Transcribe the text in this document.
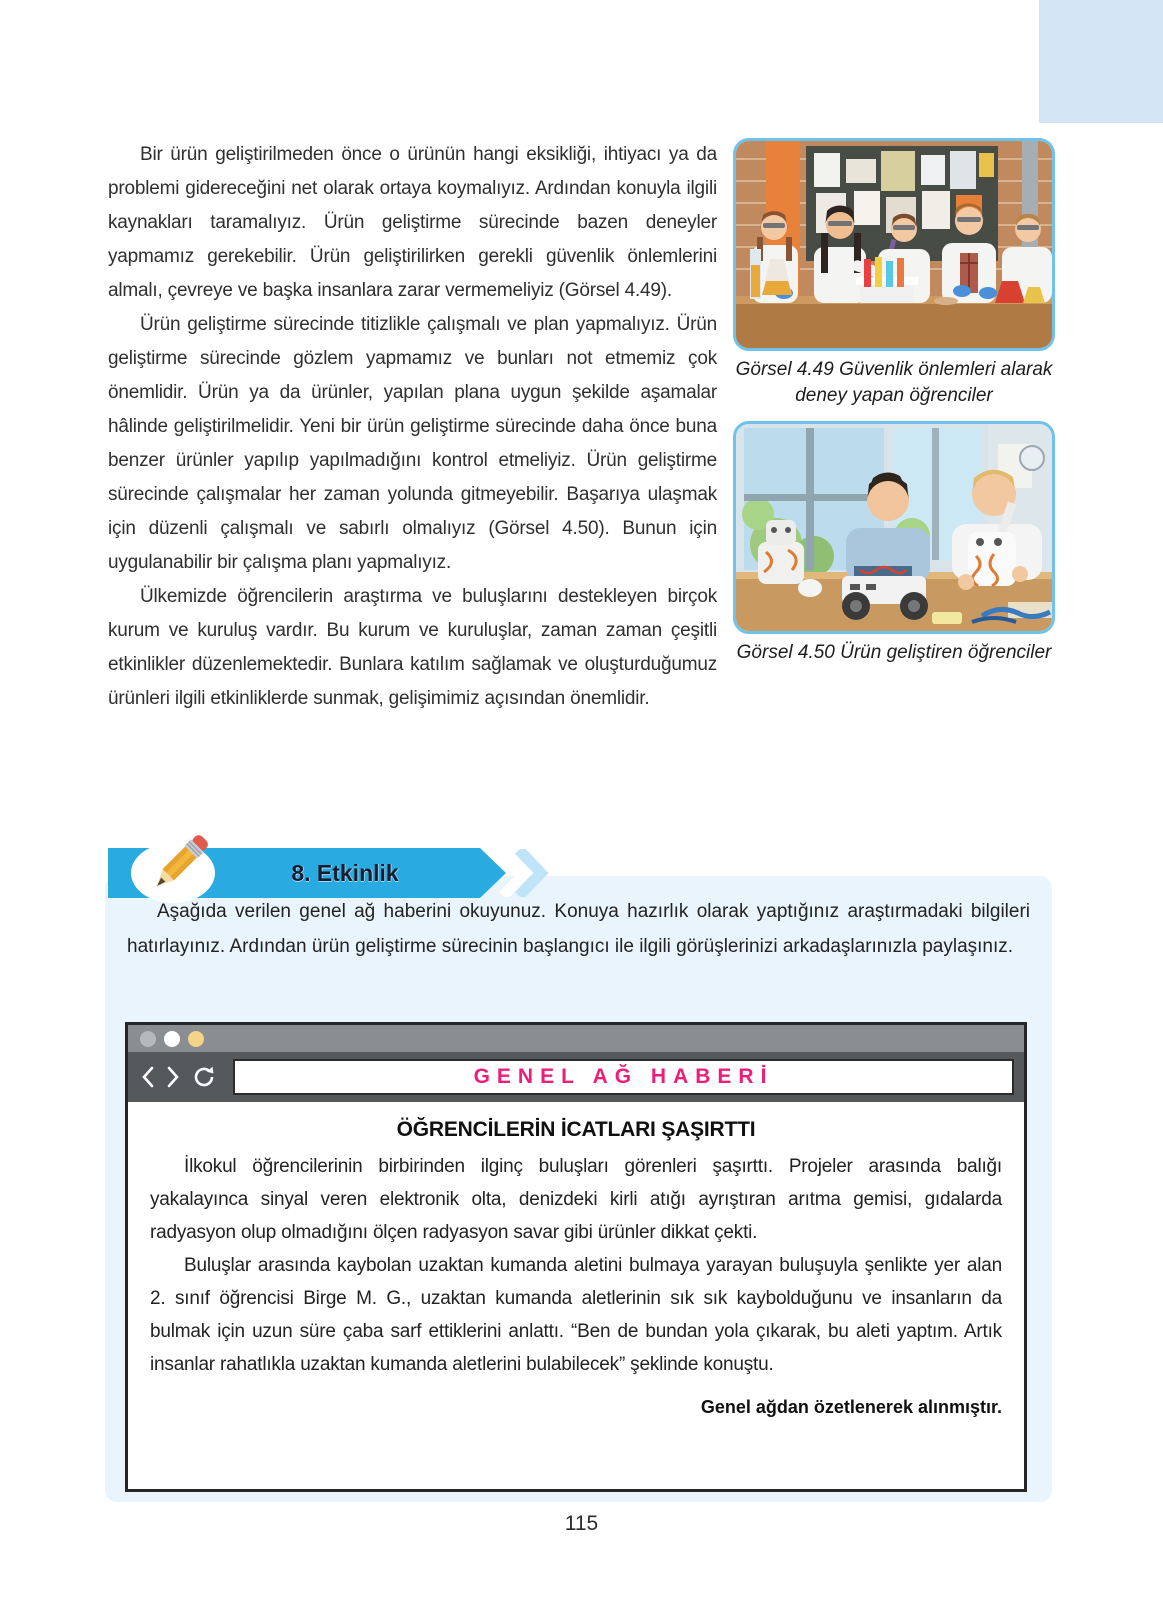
Görsel 4.49 Güvenlik önlemleri alarak deney yapan öğrenciler
Görsel 4.50 Ürün geliştiren öğrenciler

Bir ürün geliştirilmeden önce o ürünün hangi eksikliği, ihtiyacı ya da problemi gidereceğini net olarak ortaya koymalıyız. Ardından konuyla ilgili kaynakları taramalıyız. Ürün geliştirme sürecinde bazen deneyler yapmamız gerekebilir. Ürün geliştirilirken gerekli güvenlik önlemlerini almalı, çevreye ve başka insanlara zarar vermemeliyiz (Görsel 4.49).

Ürün geliştirme sürecinde titizlikle çalışmalı ve plan yapmalıyız. Ürün geliştirme sürecinde gözlem yapmamız ve bunları not etmemiz çok önemlidir. Ürün ya da ürünler, yapılan plana uygun şekilde aşamalar hâlinde geliştirilmelidir. Yeni bir ürün geliştirme sürecinde daha önce buna benzer ürünler yapılıp yapılmadığını kontrol etmeliyiz. Ürün geliştirme sürecinde çalışmalar her zaman yolunda gitmeyebilir. Başarıya ulaşmak için düzenli çalışmalı ve sabırlı olmalıyız (Görsel 4.50). Bunun için uygulanabilir bir çalışma planı yapmalıyız.

Ülkemizde öğrencilerin araştırma ve buluşlarını destekleyen birçok kurum ve kuruluş vardır. Bu kurum ve kuruluşlar, zaman zaman çeşitli etkinlikler düzenlemektedir. Bunlara katılım sağlamak ve oluşturduğumuz ürünleri ilgili etkinliklerde sunmak, gelişimimiz açısından önemlidir.

Aşağıda verilen genel ağ haberini okuyunuz. Konuya hazırlık olarak yaptığınız araştırmadaki bilgileri hatırlayınız. Ardından ürün geliştirme sürecinin başlangıcı ile ilgili görüşlerinizi arkadaşlarınızla paylaşınız.

8. Etkinlik
GENEL AĞ HABERİ
ÖĞRENCİLERİN İCATLARI ŞAŞIRTTI

İlkokul öğrencilerinin birbirinden ilginç buluşları görenleri şaşırttı. Projeler arasında balığı yakalayınca sinyal veren elektronik olta, denizdeki kirli atığı ayrıştıran arıtma gemisi, gıdalarda radyasyon olup olmadığını ölçen radyasyon savar gibi ürünler dikkat çekti.

Buluşlar arasında kaybolan uzaktan kumanda aletini bulmaya yarayan buluşuyla şenlikte yer alan 2. sınıf öğrencisi Birge M. G., uzaktan kumanda aletlerinin sık sık kaybolduğunu ve insanların da bulmak için uzun süre çaba sarf ettiklerini anlattı. “Ben de bundan yola çıkarak, bu aleti yaptım. Artık insanlar rahatlıkla uzaktan kumanda aletlerini bulabilecek” şeklinde konuştu.

Genel ağdan özetlenerek alınmıştır.
115
